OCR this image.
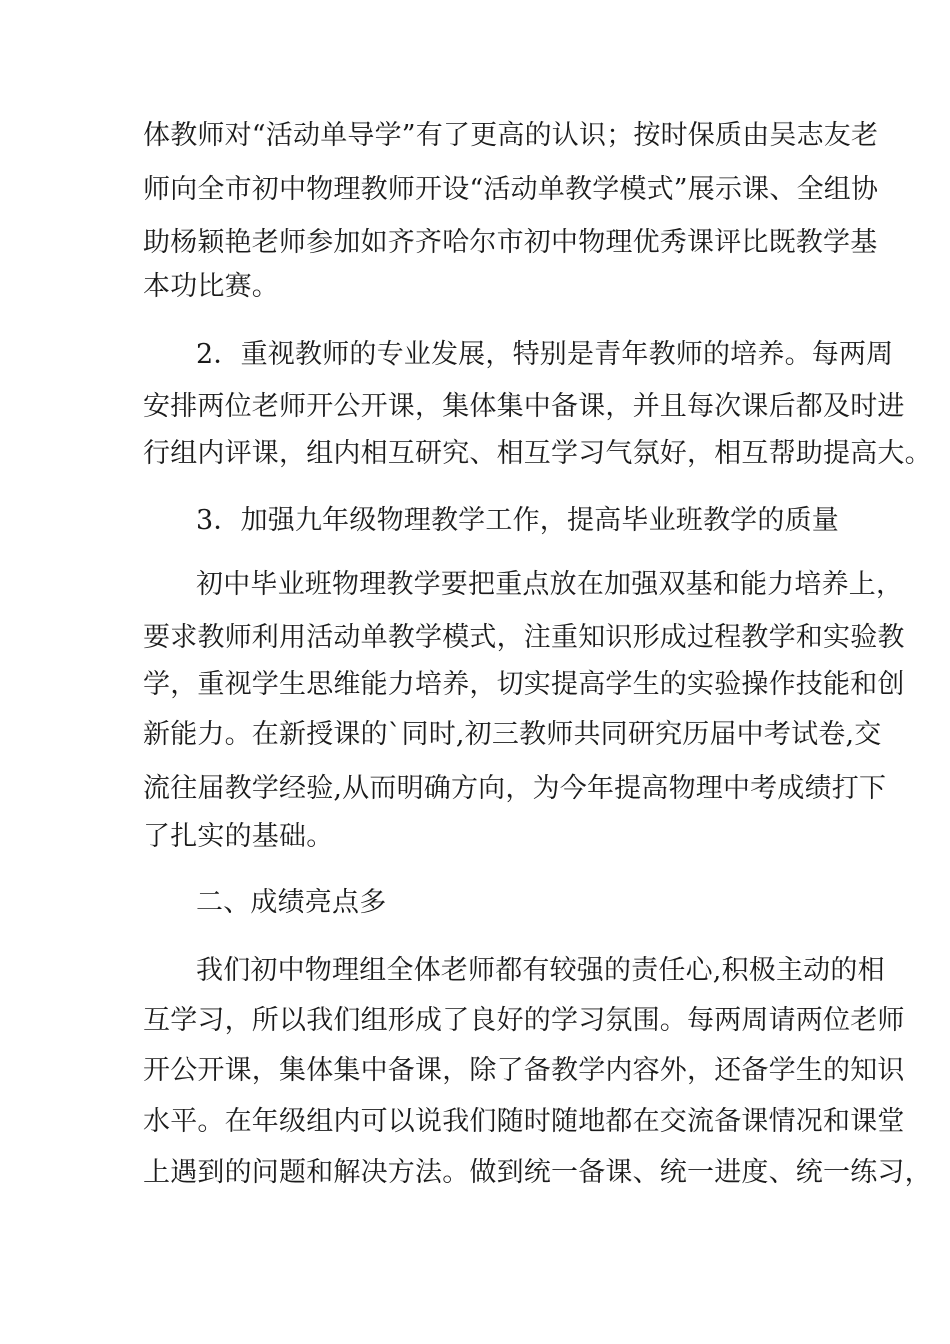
体教师对“活动单导学”有了更高的认识；按时保质由吴志友老
师向全市初中物理教师开设“活动单教学模式”展示课、全组协
助杨颖艳老师参加如齐齐哈尔市初中物理优秀课评比既教学基
本功比赛。
2．重视教师的专业发展，特别是青年教师的培养。每两周
安排两位老师开公开课，集体集中备课，并且每次课后都及时进
行组内评课，组内相互研究、相互学习气氛好，相互帮助提高大。
3．加强九年级物理教学工作，提高毕业班教学的质量
初中毕业班物理教学要把重点放在加强双基和能力培养上，
要求教师利用活动单教学模式，注重知识形成过程教学和实验教
学，重视学生思维能力培养，切实提高学生的实验操作技能和创
新能力。在新授课的`同时,初三教师共同研究历届中考试卷,交
流往届教学经验,从而明确方向，为今年提高物理中考成绩打下
了扎实的基础。
二、成绩亮点多
我们初中物理组全体老师都有较强的责任心,积极主动的相
互学习，所以我们组形成了良好的学习氛围。每两周请两位老师
开公开课，集体集中备课，除了备教学内容外，还备学生的知识
水平。在年级组内可以说我们随时随地都在交流备课情况和课堂
上遇到的问题和解决方法。做到统一备课、统一进度、统一练习，
